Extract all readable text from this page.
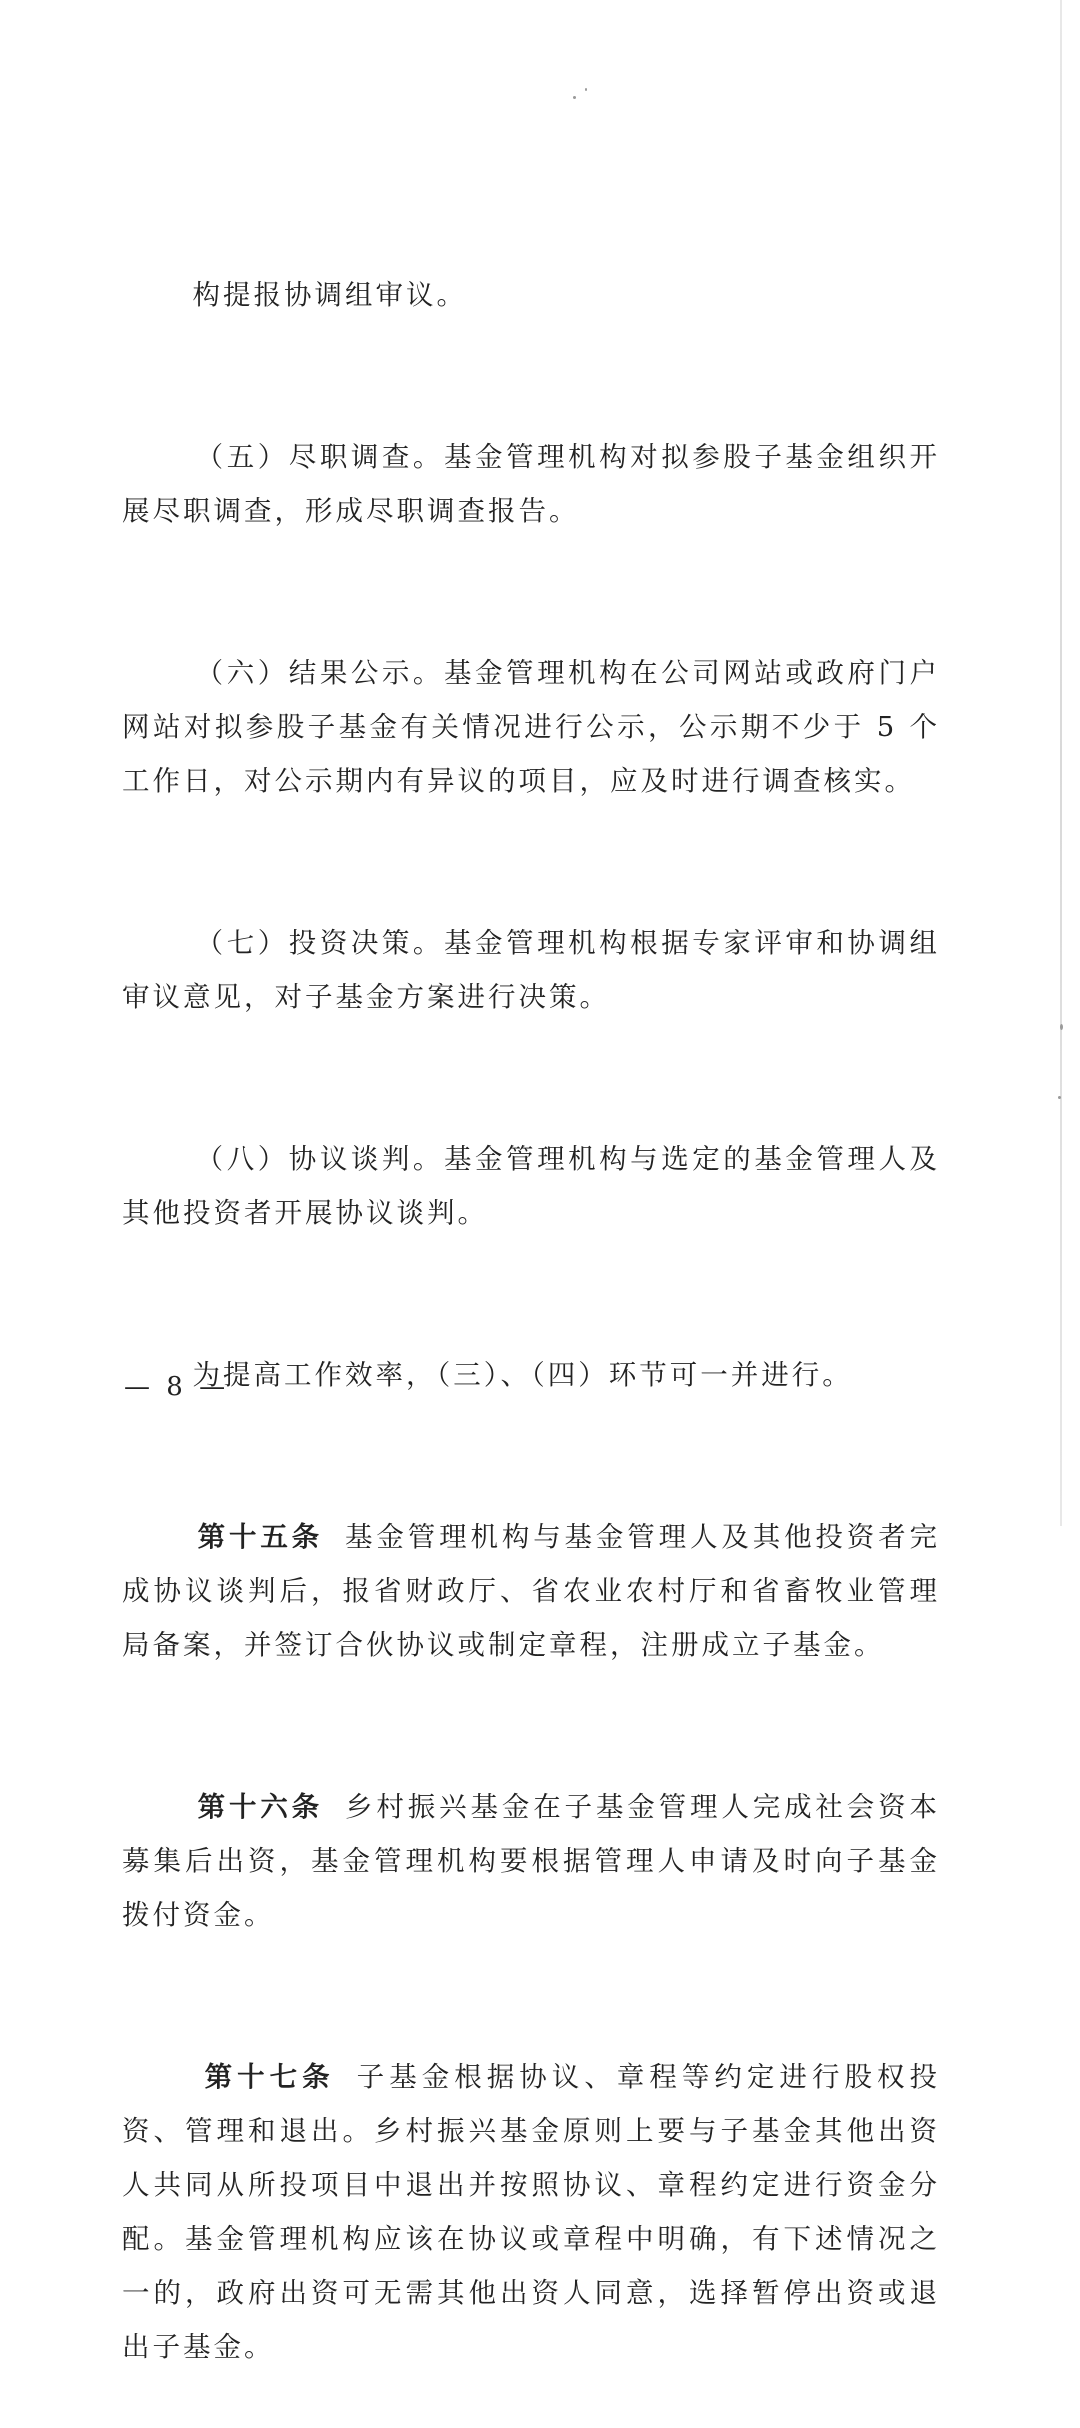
构提报协调组审议。

（五）尽职调查。基金管理机构对拟参股子基金组织开展尽职调查，形成尽职调查报告。

（六）结果公示。基金管理机构在公司网站或政府门户网站对拟参股子基金有关情况进行公示，公示期不少于 5 个工作日，对公示期内有异议的项目，应及时进行调查核实。

（七）投资决策。基金管理机构根据专家评审和协调组审议意见，对子基金方案进行决策。

（八）协议谈判。基金管理机构与选定的基金管理人及其他投资者开展协议谈判。

为提高工作效率，（三）、（四）环节可一并进行。

第十五条 基金管理机构与基金管理人及其他投资者完成协议谈判后，报省财政厅、省农业农村厅和省畜牧业管理局备案，并签订合伙协议或制定章程，注册成立子基金。

第十六条 乡村振兴基金在子基金管理人完成社会资本募集后出资，基金管理机构要根据管理人申请及时向子基金拨付资金。

第十七条 子基金根据协议、章程等约定进行股权投资、管理和退出。乡村振兴基金原则上要与子基金其他出资人共同从所投项目中退出并按照协议、章程约定进行资金分配。基金管理机构应该在协议或章程中明确，有下述情况之一的，政府出资可无需其他出资人同意，选择暂停出资或退出子基金。

— 8 —
